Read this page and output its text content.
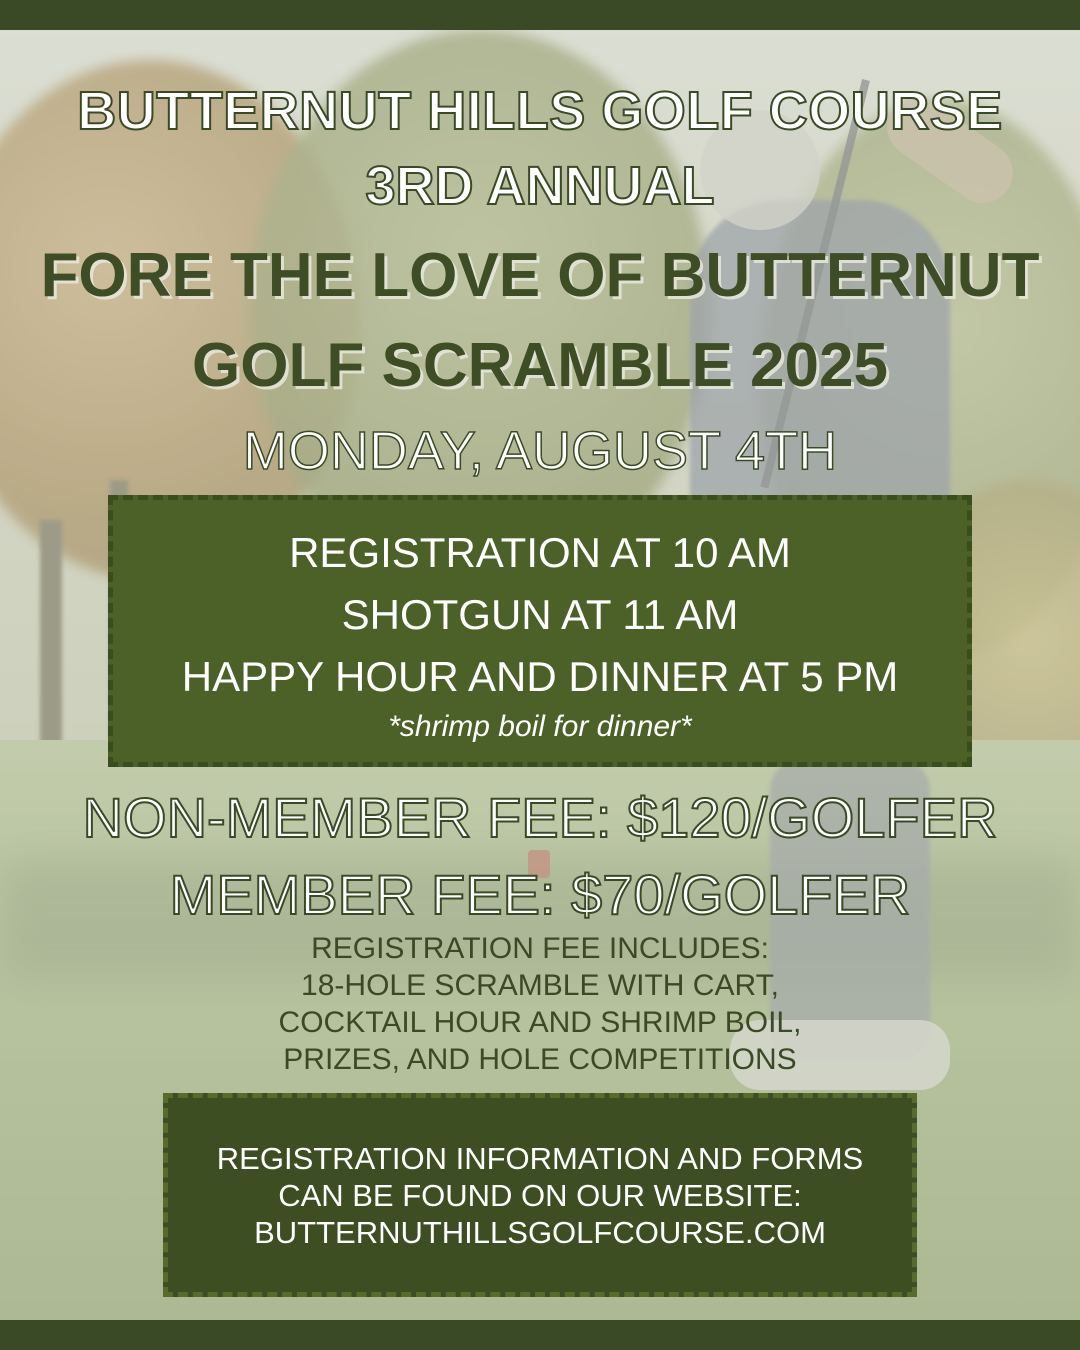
BUTTERNUT HILLS GOLF COURSE
3RD ANNUAL
FORE THE LOVE OF BUTTERNUT
GOLF SCRAMBLE 2025
MONDAY, AUGUST 4TH
REGISTRATION AT 10 AM
SHOTGUN AT 11 AM
HAPPY HOUR AND DINNER AT 5 PM
*shrimp boil for dinner*

NON-MEMBER FEE: $120/GOLFER

MEMBER FEE: $70/GOLFER

REGISTRATION FEE INCLUDES:
18-HOLE SCRAMBLE WITH CART,
COCKTAIL HOUR AND SHRIMP BOIL,
PRIZES, AND HOLE COMPETITIONS
REGISTRATION INFORMATION AND FORMS
CAN BE FOUND ON OUR WEBSITE:
BUTTERNUTHILLSGOLFCOURSE.COM
